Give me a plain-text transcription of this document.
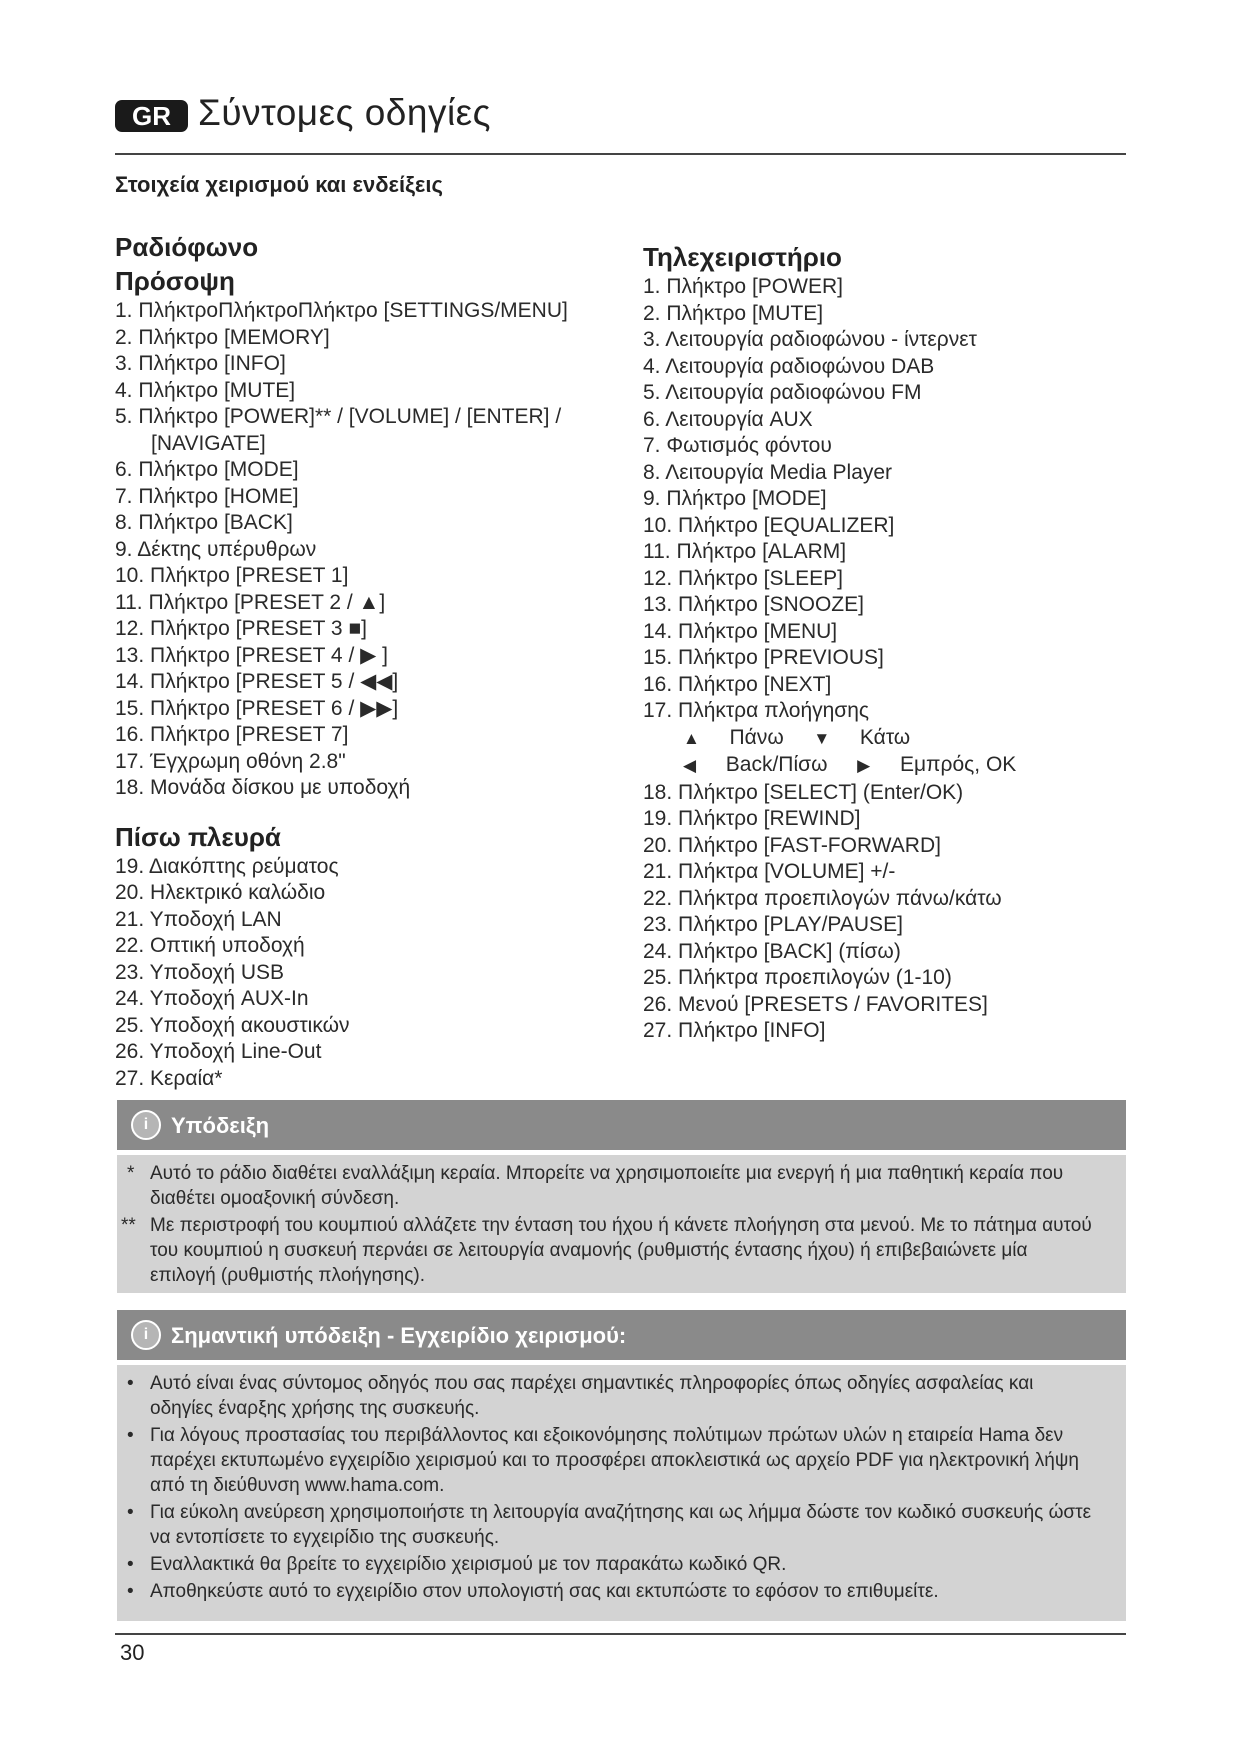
GR Σύντομες οδηγίες
Στοιχεία χειρισμού και ενδείξεις
Ραδιόφωνο
Πρόσοψη
1. ΠλήκτροΠλήκτροΠλήκτρο [SETTINGS/MENU]
2. Πλήκτρο [MEMORY]
3. Πλήκτρο [INFO]
4. Πλήκτρο [MUTE]
5. Πλήκτρο [POWER]** / [VOLUME] / [ENTER] /
[NAVIGATE]
6. Πλήκτρο [MODE]
7. Πλήκτρο [HOME]
8. Πλήκτρο [BACK]
9. Δέκτης υπέρυθρων
10. Πλήκτρο [PRESET 1]
11. Πλήκτρο [PRESET 2 / ▲]
12. Πλήκτρο [PRESET 3 ■]
13. Πλήκτρο [PRESET 4 / ▶ ]
14. Πλήκτρο [PRESET 5 / ◀◀]
15. Πλήκτρο [PRESET 6 / ▶▶]
16. Πλήκτρο [PRESET 7]
17. Έγχρωμη οθόνη 2.8"
18. Μονάδα δίσκου με υποδοχή
Πίσω πλευρά
19. Διακόπτης ρεύματος
20. Ηλεκτρικό καλώδιο
21. Υποδοχή LAN
22. Οπτική υποδοχή
23. Υποδοχή USB
24. Υποδοχή AUX-In
25. Υποδοχή ακουστικών
26. Υποδοχή Line-Out
27. Κεραία*
Τηλεχειριστήριο
1. Πλήκτρο [POWER]
2. Πλήκτρο [MUTE]
3. Λειτουργία ραδιοφώνου - ίντερνετ
4. Λειτουργία ραδιοφώνου DAB
5. Λειτουργία ραδιοφώνου FM
6. Λειτουργία AUX
7. Φωτισμός φόντου
8. Λειτουργία Media Player
9. Πλήκτρο [MODE]
10. Πλήκτρο [EQUALIZER]
11. Πλήκτρο [ALARM]
12. Πλήκτρο [SLEEP]
13. Πλήκτρο [SNOOZE]
14. Πλήκτρο [MENU]
15. Πλήκτρο [PREVIOUS]
16. Πλήκτρο [NEXT]
17. Πλήκτρα πλοήγησης
▲ Πάνω ▼ Κάτω
◀ Back/Πίσω ▶ Εμπρός, OK
18. Πλήκτρο [SELECT] (Enter/OK)
19. Πλήκτρο [REWIND]
20. Πλήκτρο [FAST-FORWARD]
21. Πλήκτρα [VOLUME] +/-
22. Πλήκτρα προεπιλογών πάνω/κάτω
23. Πλήκτρο [PLAY/PAUSE]
24. Πλήκτρο [BACK] (πίσω)
25. Πλήκτρα προεπιλογών (1-10)
26. Μενού [PRESETS / FAVORITES]
27. Πλήκτρο [INFO]
i	Υπόδειξη
* Αυτό το ράδιο διαθέτει εναλλάξιμη κεραία. Μπορείτε να χρησιμοποιείτε μια ενεργή ή μια παθητική κεραία που διαθέτει ομοαξονική σύνδεση.
** Με περιστροφή του κουμπιού αλλάζετε την ένταση του ήχου ή κάνετε πλοήγηση στα μενού. Με το πάτημα αυτού του κουμπιού η συσκευή περνάει σε λειτουργία αναμονής (ρυθμιστής έντασης ήχου) ή επιβεβαιώνετε μία επιλογή (ρυθμιστής πλοήγησης).
i	Σημαντική υπόδειξη - Εγχειρίδιο χειρισμού:
• Αυτό είναι ένας σύντομος οδηγός που σας παρέχει σημαντικές πληροφορίες όπως οδηγίες ασφαλείας και οδηγίες έναρξης χρήσης της συσκευής.
• Για λόγους προστασίας του περιβάλλοντος και εξοικονόμησης πολύτιμων πρώτων υλών η εταιρεία Hama δεν παρέχει εκτυπωμένο εγχειρίδιο χειρισμού και το προσφέρει αποκλειστικά ως αρχείο PDF για ηλεκτρονική λήψη από τη διεύθυνση www.hama.com.
• Για εύκολη ανεύρεση χρησιμοποιήστε τη λειτουργία αναζήτησης και ως λήμμα δώστε τον κωδικό συσκευής ώστε να εντοπίσετε το εγχειρίδιο της συσκευής.
• Εναλλακτικά θα βρείτε το εγχειρίδιο χειρισμού με τον παρακάτω κωδικό QR.
• Αποθηκεύστε αυτό το εγχειρίδιο στον υπολογιστή σας και εκτυπώστε το εφόσον το επιθυμείτε.
30
